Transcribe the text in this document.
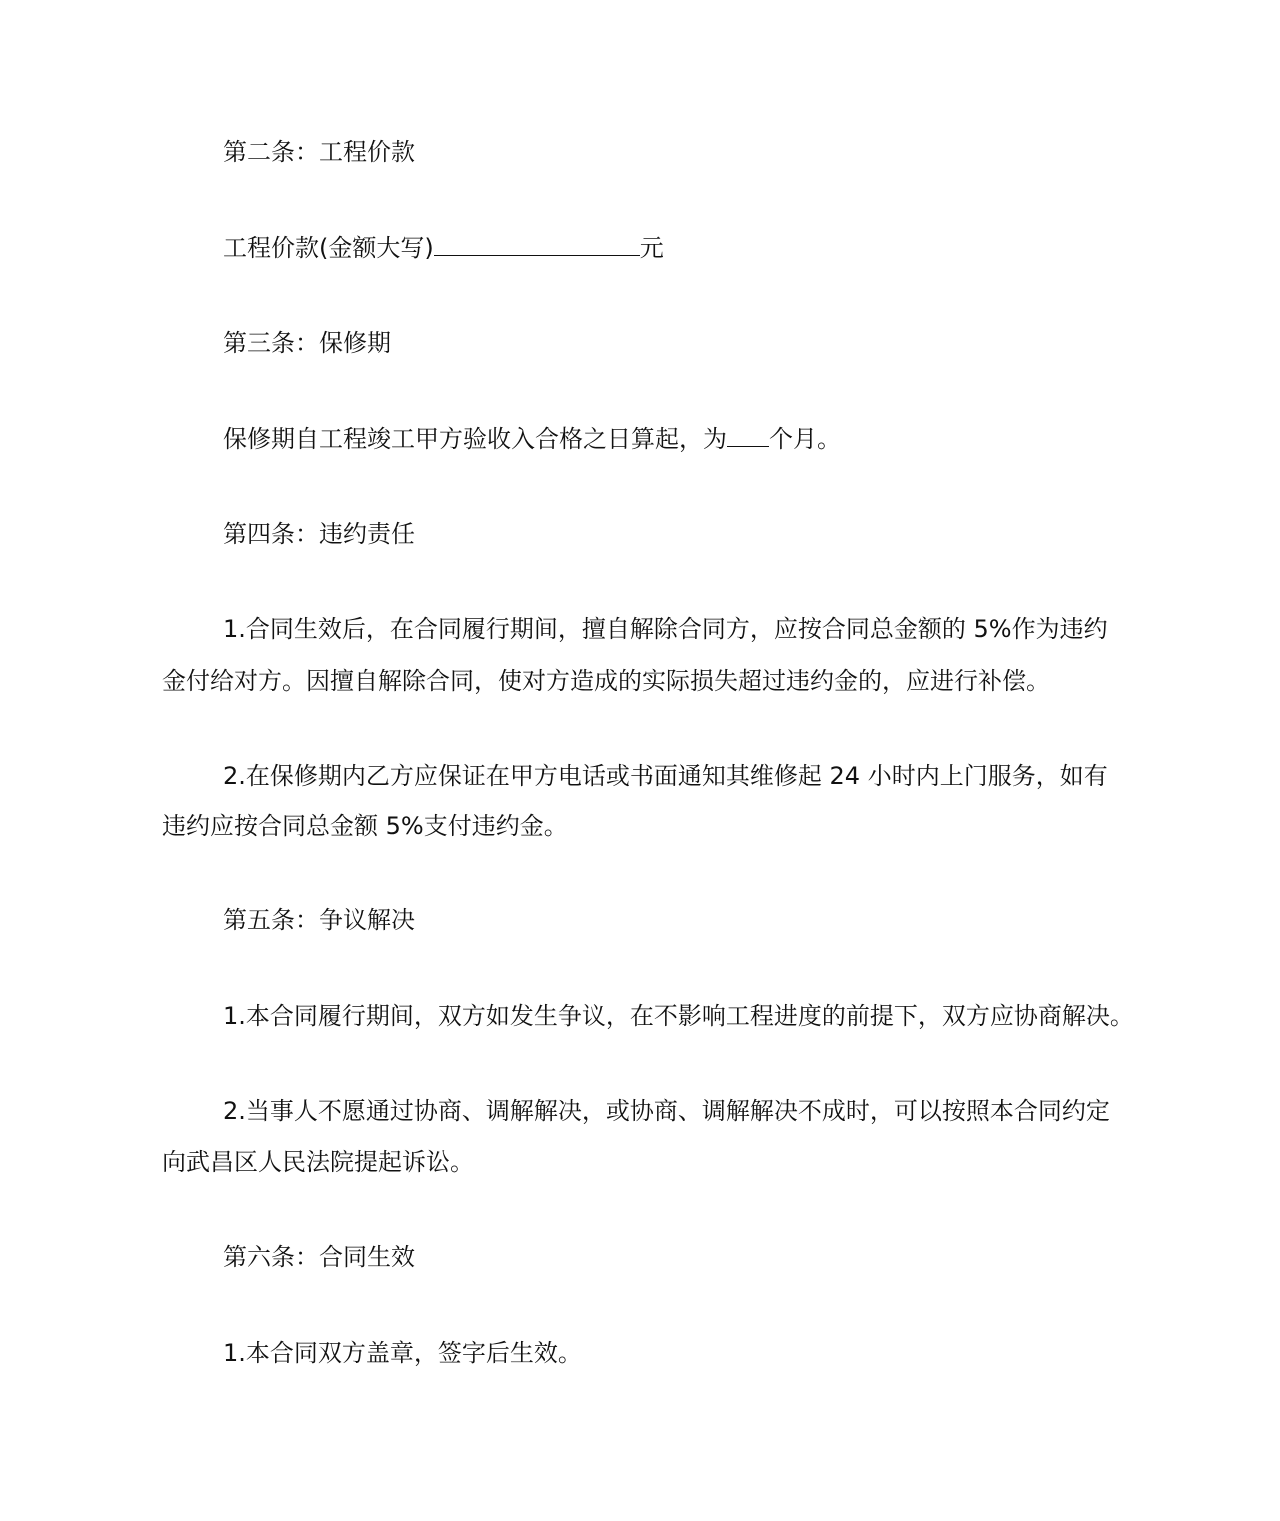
第二条：工程价款

工程价款(金额大写)	元

第三条：保修期

保修期自工程竣工甲方验收入合格之日算起，为 个月。

第四条：违约责任

1.合同生效后，在合同履行期间，擅自解除合同方，应按合同总金额的 5%作为违约

金付给对方。因擅自解除合同，使对方造成的实际损失超过违约金的，应进行补偿。

2.在保修期内乙方应保证在甲方电话或书面通知其维修起 24 小时内上门服务，如有

违约应按合同总金额 5%支付违约金。

第五条：争议解决

1.本合同履行期间，双方如发生争议，在不影响工程进度的前提下，双方应协商解决。

2.当事人不愿通过协商、调解解决，或协商、调解解决不成时，可以按照本合同约定

向武昌区人民法院提起诉讼。

第六条：合同生效

1.本合同双方盖章，签字后生效。
